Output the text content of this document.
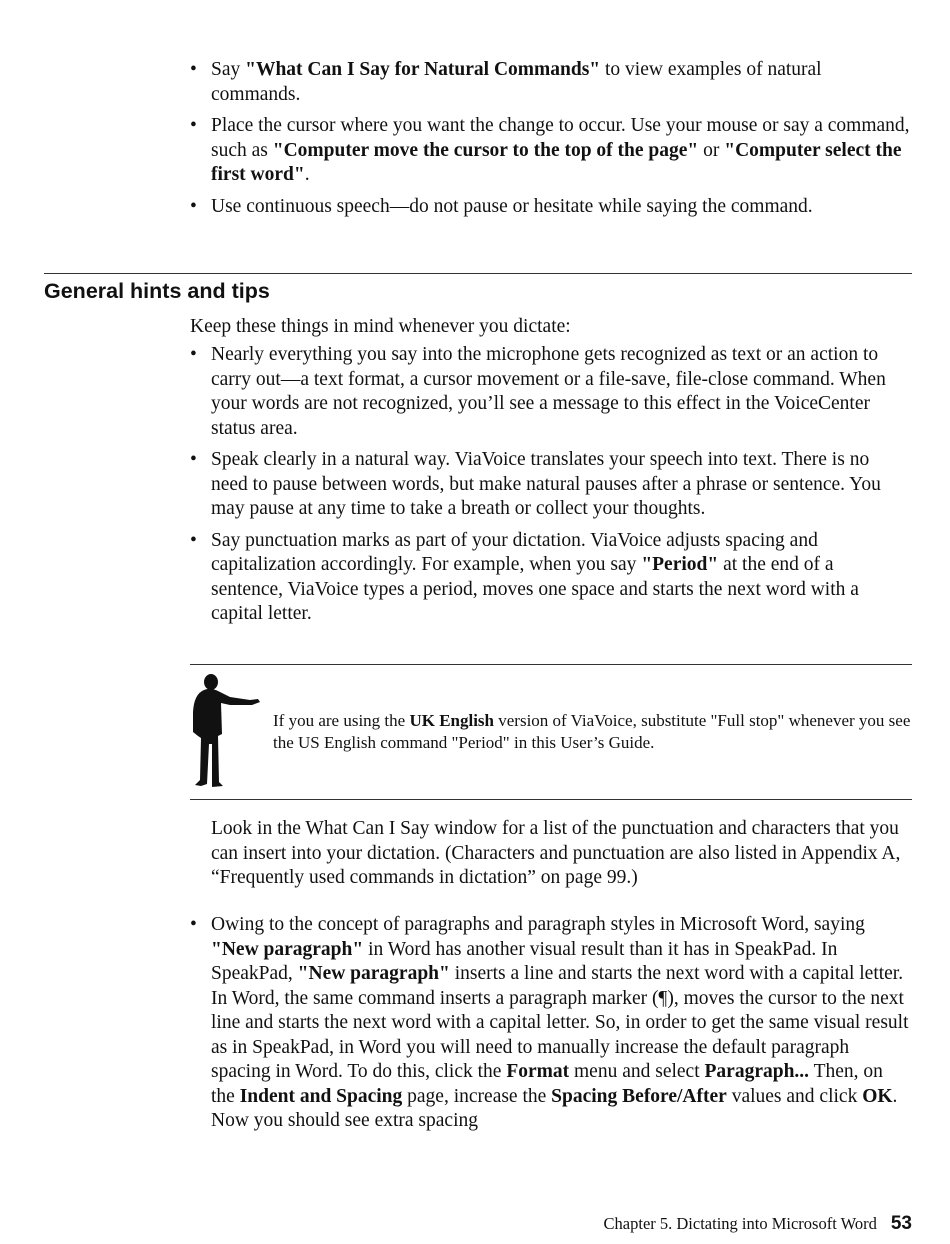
• Say "What Can I Say for Natural Commands" to view examples of natural commands.
• Place the cursor where you want the change to occur. Use your mouse or say a command, such as "Computer move the cursor to the top of the page" or "Computer select the first word".
• Use continuous speech—do not pause or hesitate while saying the command.
General hints and tips

Keep these things in mind whenever you dictate:

• Nearly everything you say into the microphone gets recognized as text or an action to carry out—a text format, a cursor movement or a file-save, file-close command. When your words are not recognized, you’ll see a message to this effect in the VoiceCenter status area.
• Speak clearly in a natural way. ViaVoice translates your speech into text. There is no need to pause between words, but make natural pauses after a phrase or sentence. You may pause at any time to take a breath or collect your thoughts.
• Say punctuation marks as part of your dictation. ViaVoice adjusts spacing and capitalization accordingly. For example, when you say "Period" at the end of a sentence, ViaVoice types a period, moves one space and starts the next word with a capital letter.

If you are using the UK English version of ViaVoice, substitute "Full stop" whenever you see the US English command "Period" in this User’s Guide.

Look in the What Can I Say window for a list of the punctuation and characters that you can insert into your dictation. (Characters and punctuation are also listed in Appendix A, “Frequently used commands in dictation” on page 99.)

• Owing to the concept of paragraphs and paragraph styles in Microsoft Word, saying "New paragraph" in Word has another visual result than it has in SpeakPad. In SpeakPad, "New paragraph" inserts a line and starts the next word with a capital letter. In Word, the same command inserts a paragraph marker (¶), moves the cursor to the next line and starts the next word with a capital letter. So, in order to get the same visual result as in SpeakPad, in Word you will need to manually increase the default paragraph spacing in Word. To do this, click the Format menu and select Paragraph... Then, on the Indent and Spacing page, increase the Spacing Before/After values and click OK. Now you should see extra spacing
Chapter 5. Dictating into Microsoft Word 53
